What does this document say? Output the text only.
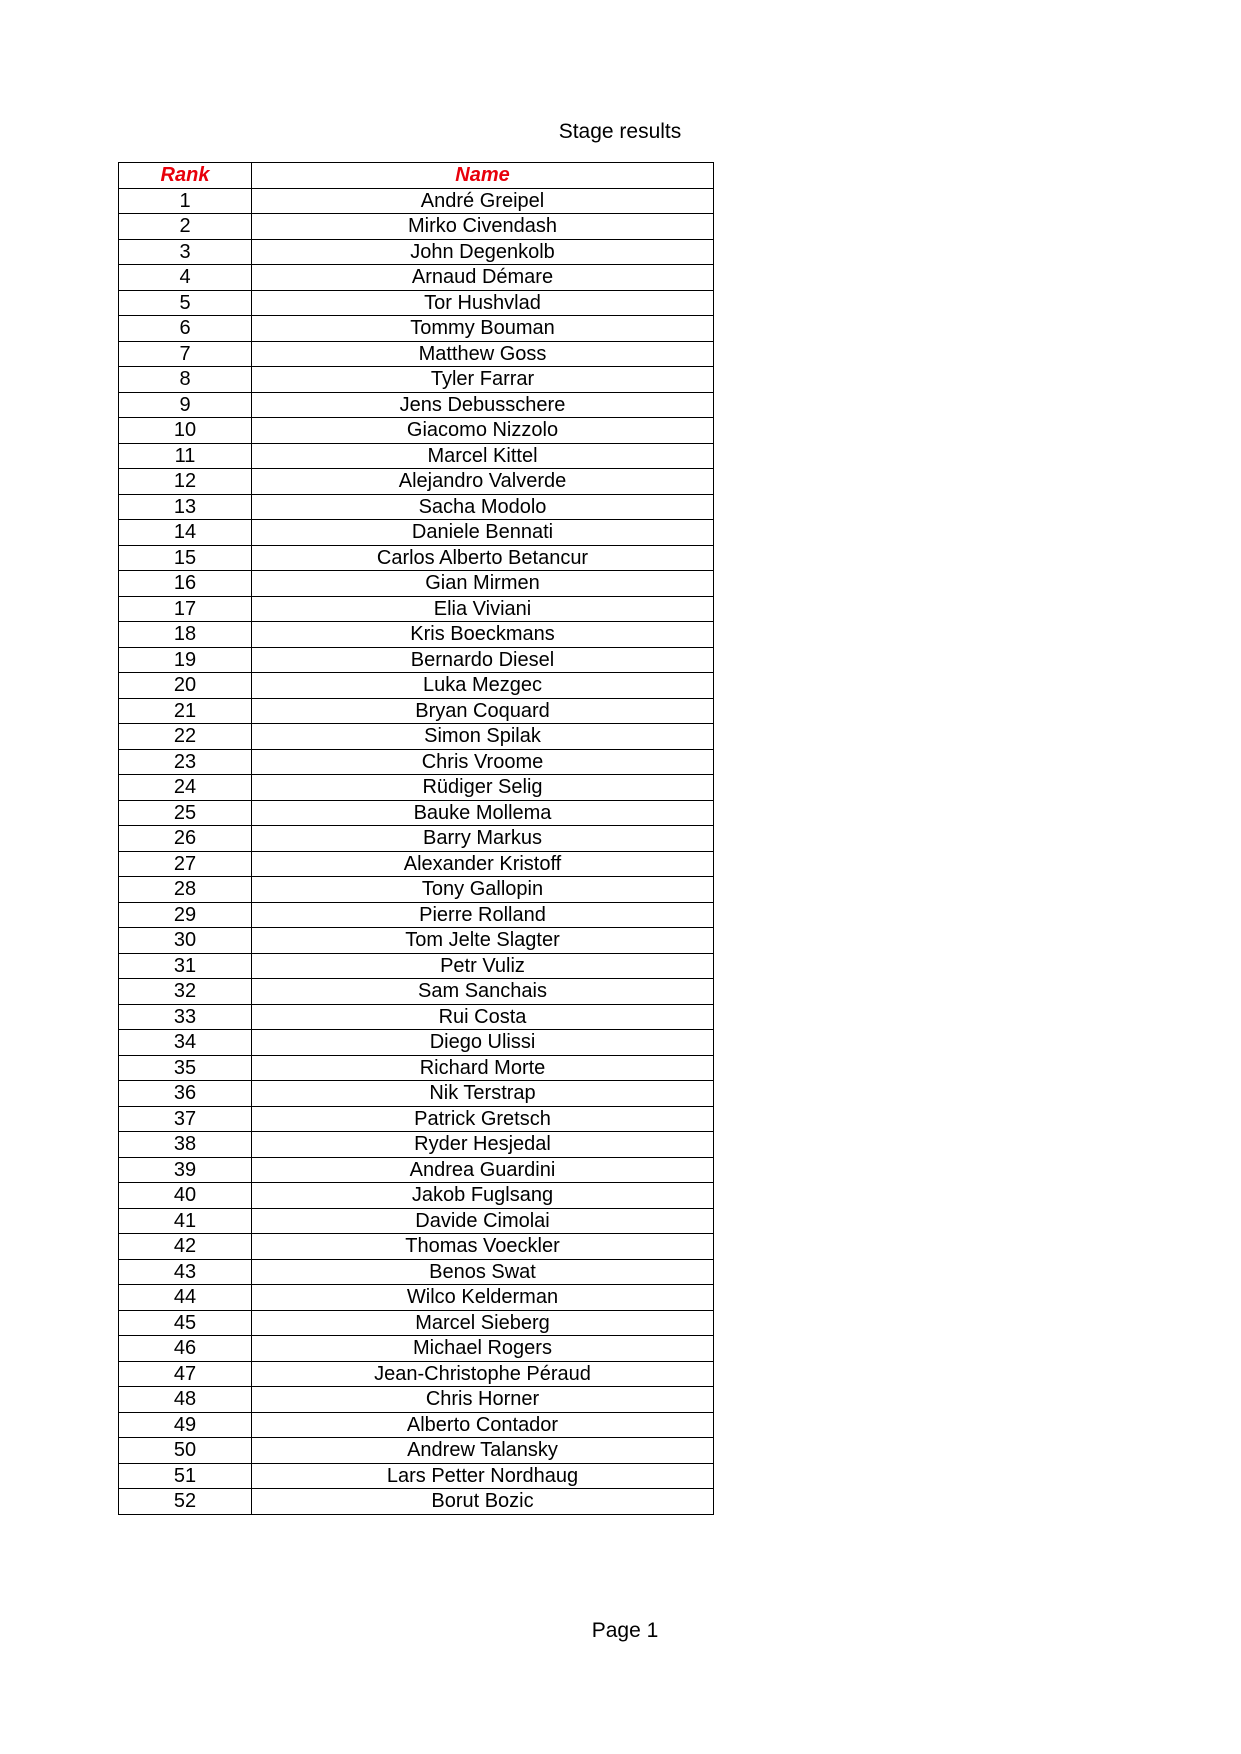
Stage results
Rank	Name
1	André Greipel
2	Mirko Civendash
3	John Degenkolb
4	Arnaud Démare
5	Tor Hushvlad
6	Tommy Bouman
7	Matthew Goss
8	Tyler Farrar
9	Jens Debusschere
10	Giacomo Nizzolo
11	Marcel Kittel
12	Alejandro Valverde
13	Sacha Modolo
14	Daniele Bennati
15	Carlos Alberto Betancur
16	Gian Mirmen
17	Elia Viviani
18	Kris Boeckmans
19	Bernardo Diesel
20	Luka Mezgec
21	Bryan Coquard
22	Simon Spilak
23	Chris Vroome
24	Rüdiger Selig
25	Bauke Mollema
26	Barry Markus
27	Alexander Kristoff
28	Tony Gallopin
29	Pierre Rolland
30	Tom Jelte Slagter
31	Petr Vuliz
32	Sam Sanchais
33	Rui Costa
34	Diego Ulissi
35	Richard Morte
36	Nik Terstrap
37	Patrick Gretsch
38	Ryder Hesjedal
39	Andrea Guardini
40	Jakob Fuglsang
41	Davide Cimolai
42	Thomas Voeckler
43	Benos Swat
44	Wilco Kelderman
45	Marcel Sieberg
46	Michael Rogers
47	Jean-Christophe Péraud
48	Chris Horner
49	Alberto Contador
50	Andrew Talansky
51	Lars Petter Nordhaug
52	Borut Bozic
Page 1
